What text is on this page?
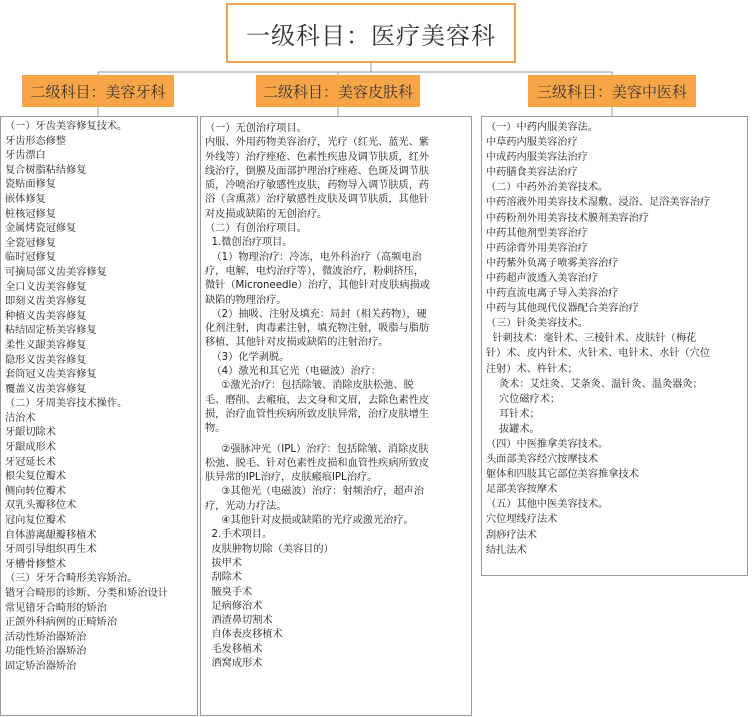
一级科目：医疗美容科
二级科目：美容牙科	二级科目：美容皮肤科	三级科目：美容中医科
（一）牙齿美容修复技术。
牙齿形态修整
牙齿漂白
复合树脂粘结修复
瓷贴面修复
嵌体修复
桩核冠修复
金属烤瓷冠修复
全瓷冠修复
临时冠修复
可摘局部义齿美容修复
全口义齿美容修复
即刻义齿美容修复
种植义齿美容修复
粘结固定桥美容修复
柔性义龈美容修复
隐形义齿美容修复
套筒冠义齿美容修复
覆盖义齿美容修复
（二）牙周美容技术操作。
洁治术
牙龈切除术
牙龈成形术
牙冠延长术
根尖复位瓣术
侧向转位瓣术
双乳头瓣移位术
冠向复位瓣术
自体游离龈瓣移植术
牙周引导组织再生术
牙槽骨修整术
（三）牙牙合畸形美容矫治。
错牙合畸形的诊断、分类和矫治设计
常见错牙合畸形的矫治
正颌外科病例的正畸矫治
活动性矫治器矫治
功能性矫治器矫治
固定矫治器矫治
（一）无创治疗项目。
内服、外用药物美容治疗，光疗（红光、蓝光、紫
外线等）治疗痤疮、色素性疾患及调节肤质，红外
线治疗，倒膜及面部护理治疗痤疮、色斑及调节肤
质，冷喷治疗敏感性皮肤，药物导入调节肤质，药
浴（含熏蒸）治疗敏感性皮肤及调节肤质，其他针
对皮损或缺陷的无创治疗。
（二）有创治疗项目。
1.微创治疗项目。
（1）物理治疗：冷冻，电外科治疗（高频电治
疗，电解，电灼治疗等），微波治疗，粉刺挤压，
微针（Microneedle）治疗，其他针对皮肤病损或
缺陷的物理治疗。
（2）抽吸、注射及填充：局封（相关药物），硬
化剂注射，肉毒素注射，填充物注射，吸脂与脂肪
移植，其他针对皮损或缺陷的注射治疗。
（3）化学剥脱。
（4）激光和其它光（电磁波）治疗：
①激光治疗：包括除皱、消除皮肤松弛、脱
毛、磨削、去瘢痕，去文身和文眉，去除色素性皮
损，治疗血管性疾病所致皮肤异常，治疗皮肤增生
物。
②强脉冲光（IPL）治疗：包括除皱、消除皮肤
松弛、脱毛、针对色素性皮损和血管性疾病所致皮
肤异常的IPL治疗，皮肤瘢痕IPL治疗。
③其他光（电磁波）治疗：射频治疗，超声治
疗，光动力疗法。
④其他针对皮损或缺陷的光疗或激光治疗。
2.手术项目。
皮肤肿物切除（美容目的）
拔甲术
刮除术
腋臭手术
足病修治术
酒渣鼻切割术
自体表皮移植术
毛发移植术
酒窝成形术
（一）中药内服美容法。
中草药内服美容治疗
中成药内服美容法治疗
中药膳食美容法治疗
（二）中药外治美容技术。
中药溶液外用美容技术湿敷、浸浴、足浴美容治疗
中药粉剂外用美容技术膜剂美容治疗
中药其他剂型美容治疗
中药涂膏外用美容治疗
中药紫外负离子喷雾美容治疗
中药超声波透入美容治疗
中药直流电离子导入美容治疗
中药与其他现代仪器配合美容治疗
（三）针灸美容技术。
针刺技术：毫针术、三棱针术、皮肤针（梅花
针）术、皮内针术、火针术、电针术、水针（穴位
注射）术、杵针术；
灸术：艾炷灸、艾条灸、温针灸、温灸器灸；
穴位磁疗术；
耳针术；
拔罐术。
（四）中医推拿美容技术。
头面部美容经穴按摩技术
躯体和四肢其它部位美容推拿技术
足部美容按摩术
（五）其他中医美容技术。
穴位埋线疗法术
刮痧疗法术
结扎法术
